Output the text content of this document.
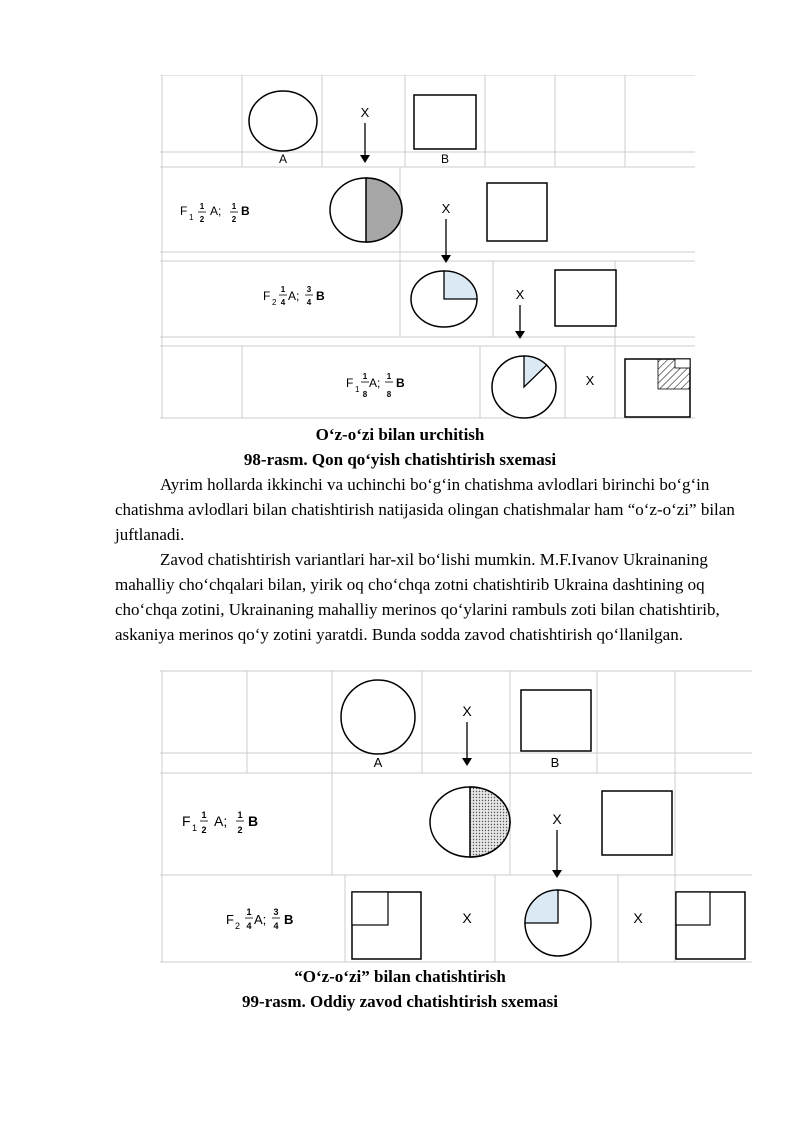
A
X
B
F 1
1
2
A; 1
2
B	X
F 2
1
4 A; 3
4 B	X
F 1
1
8
A; 1
8
B	X
O‘z-o‘zi bilan urchitish
98-rasm. Qon qo‘yish chatishtirish sxemasi

Ayrim hollarda ikkinchi va uchinchi bo‘g‘in chatishma avlodlari birinchi bo‘g‘in chatishma avlodlari bilan chatishtirish natijasida olingan chatishmalar ham “o‘z-o‘zi” bilan juftlanadi.

Zavod chatishtirish variantlari har-xil bo‘lishi mumkin. M.F.Ivanov Ukrainaning mahalliy cho‘chqalari bilan, yirik oq cho‘chqa zotni chatishtirib Ukraina dashtining oq cho‘chqa zotini, Ukrainaning mahalliy merinos qo‘ylarini rambuls zoti bilan chatishtirib, askaniya merinos qo‘y zotini yaratdi. Bunda sodda zavod chatishtirish qo‘llanilgan.

A
X
B
F 1
1
2
A; 1
2
B	X
F 2
1
4 A; 3
4 B	X	X
“O‘z-o‘zi” bilan chatishtirish
99-rasm. Oddiy zavod chatishtirish sxemasi
